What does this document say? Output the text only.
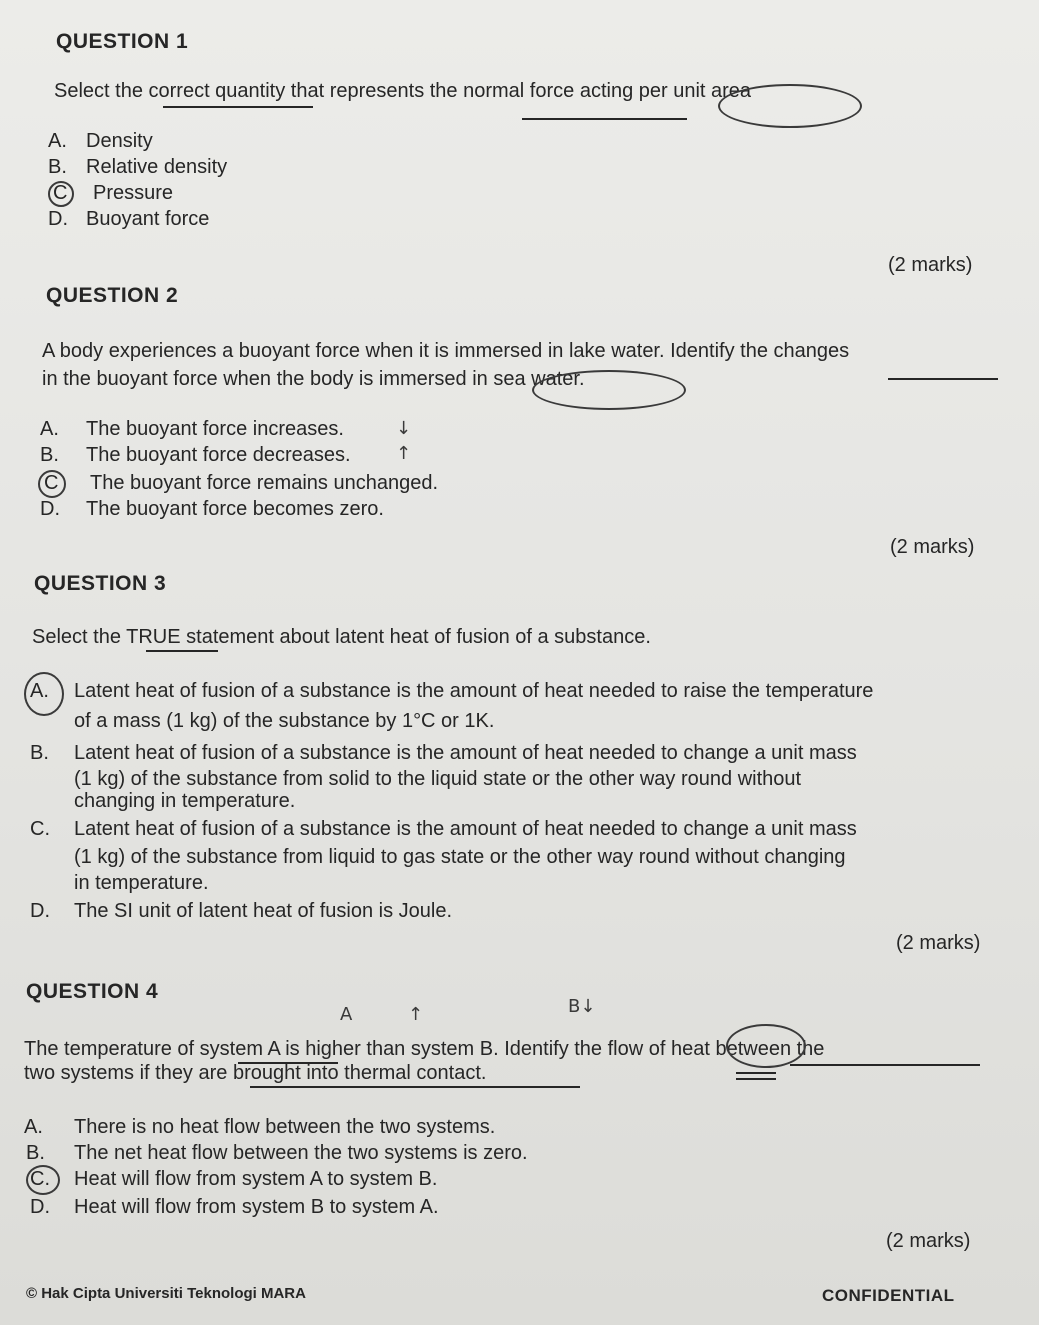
QUESTION 1
Select the correct quantity that represents the normal force acting per unit area
A. Density
B. Relative density
C Pressure
D. Buoyant force
(2 marks)
QUESTION 2
A body experiences a buoyant force when it is immersed in lake water. Identify the changes
in the buoyant force when the body is immersed in sea water.
A. The buoyant force increases.	↓
B. The buoyant force decreases.	↑
C The buoyant force remains unchanged.
D. The buoyant force becomes zero.
(2 marks)
QUESTION 3
Select the TRUE statement about latent heat of fusion of a substance.
A. Latent heat of fusion of a substance is the amount of heat needed to raise the temperature
of a mass (1 kg) of the substance by 1°C or 1K.
B. Latent heat of fusion of a substance is the amount of heat needed to change a unit mass
(1 kg) of the substance from solid to the liquid state or the other way round without
changing in temperature.
C. Latent heat of fusion of a substance is the amount of heat needed to change a unit mass
(1 kg) of the substance from liquid to gas state or the other way round without changing
in temperature.
D. The SI unit of latent heat of fusion is Joule.
(2 marks)
QUESTION 4
A	↑	B↓
The temperature of system A is higher than system B. Identify the flow of heat between the
two systems if they are brought into thermal contact.
A. There is no heat flow between the two systems.
B. The net heat flow between the two systems is zero.
C. Heat will flow from system A to system B.
D. Heat will flow from system B to system A.
(2 marks)
© Hak Cipta Universiti Teknologi MARA	CONFIDENTIAL
